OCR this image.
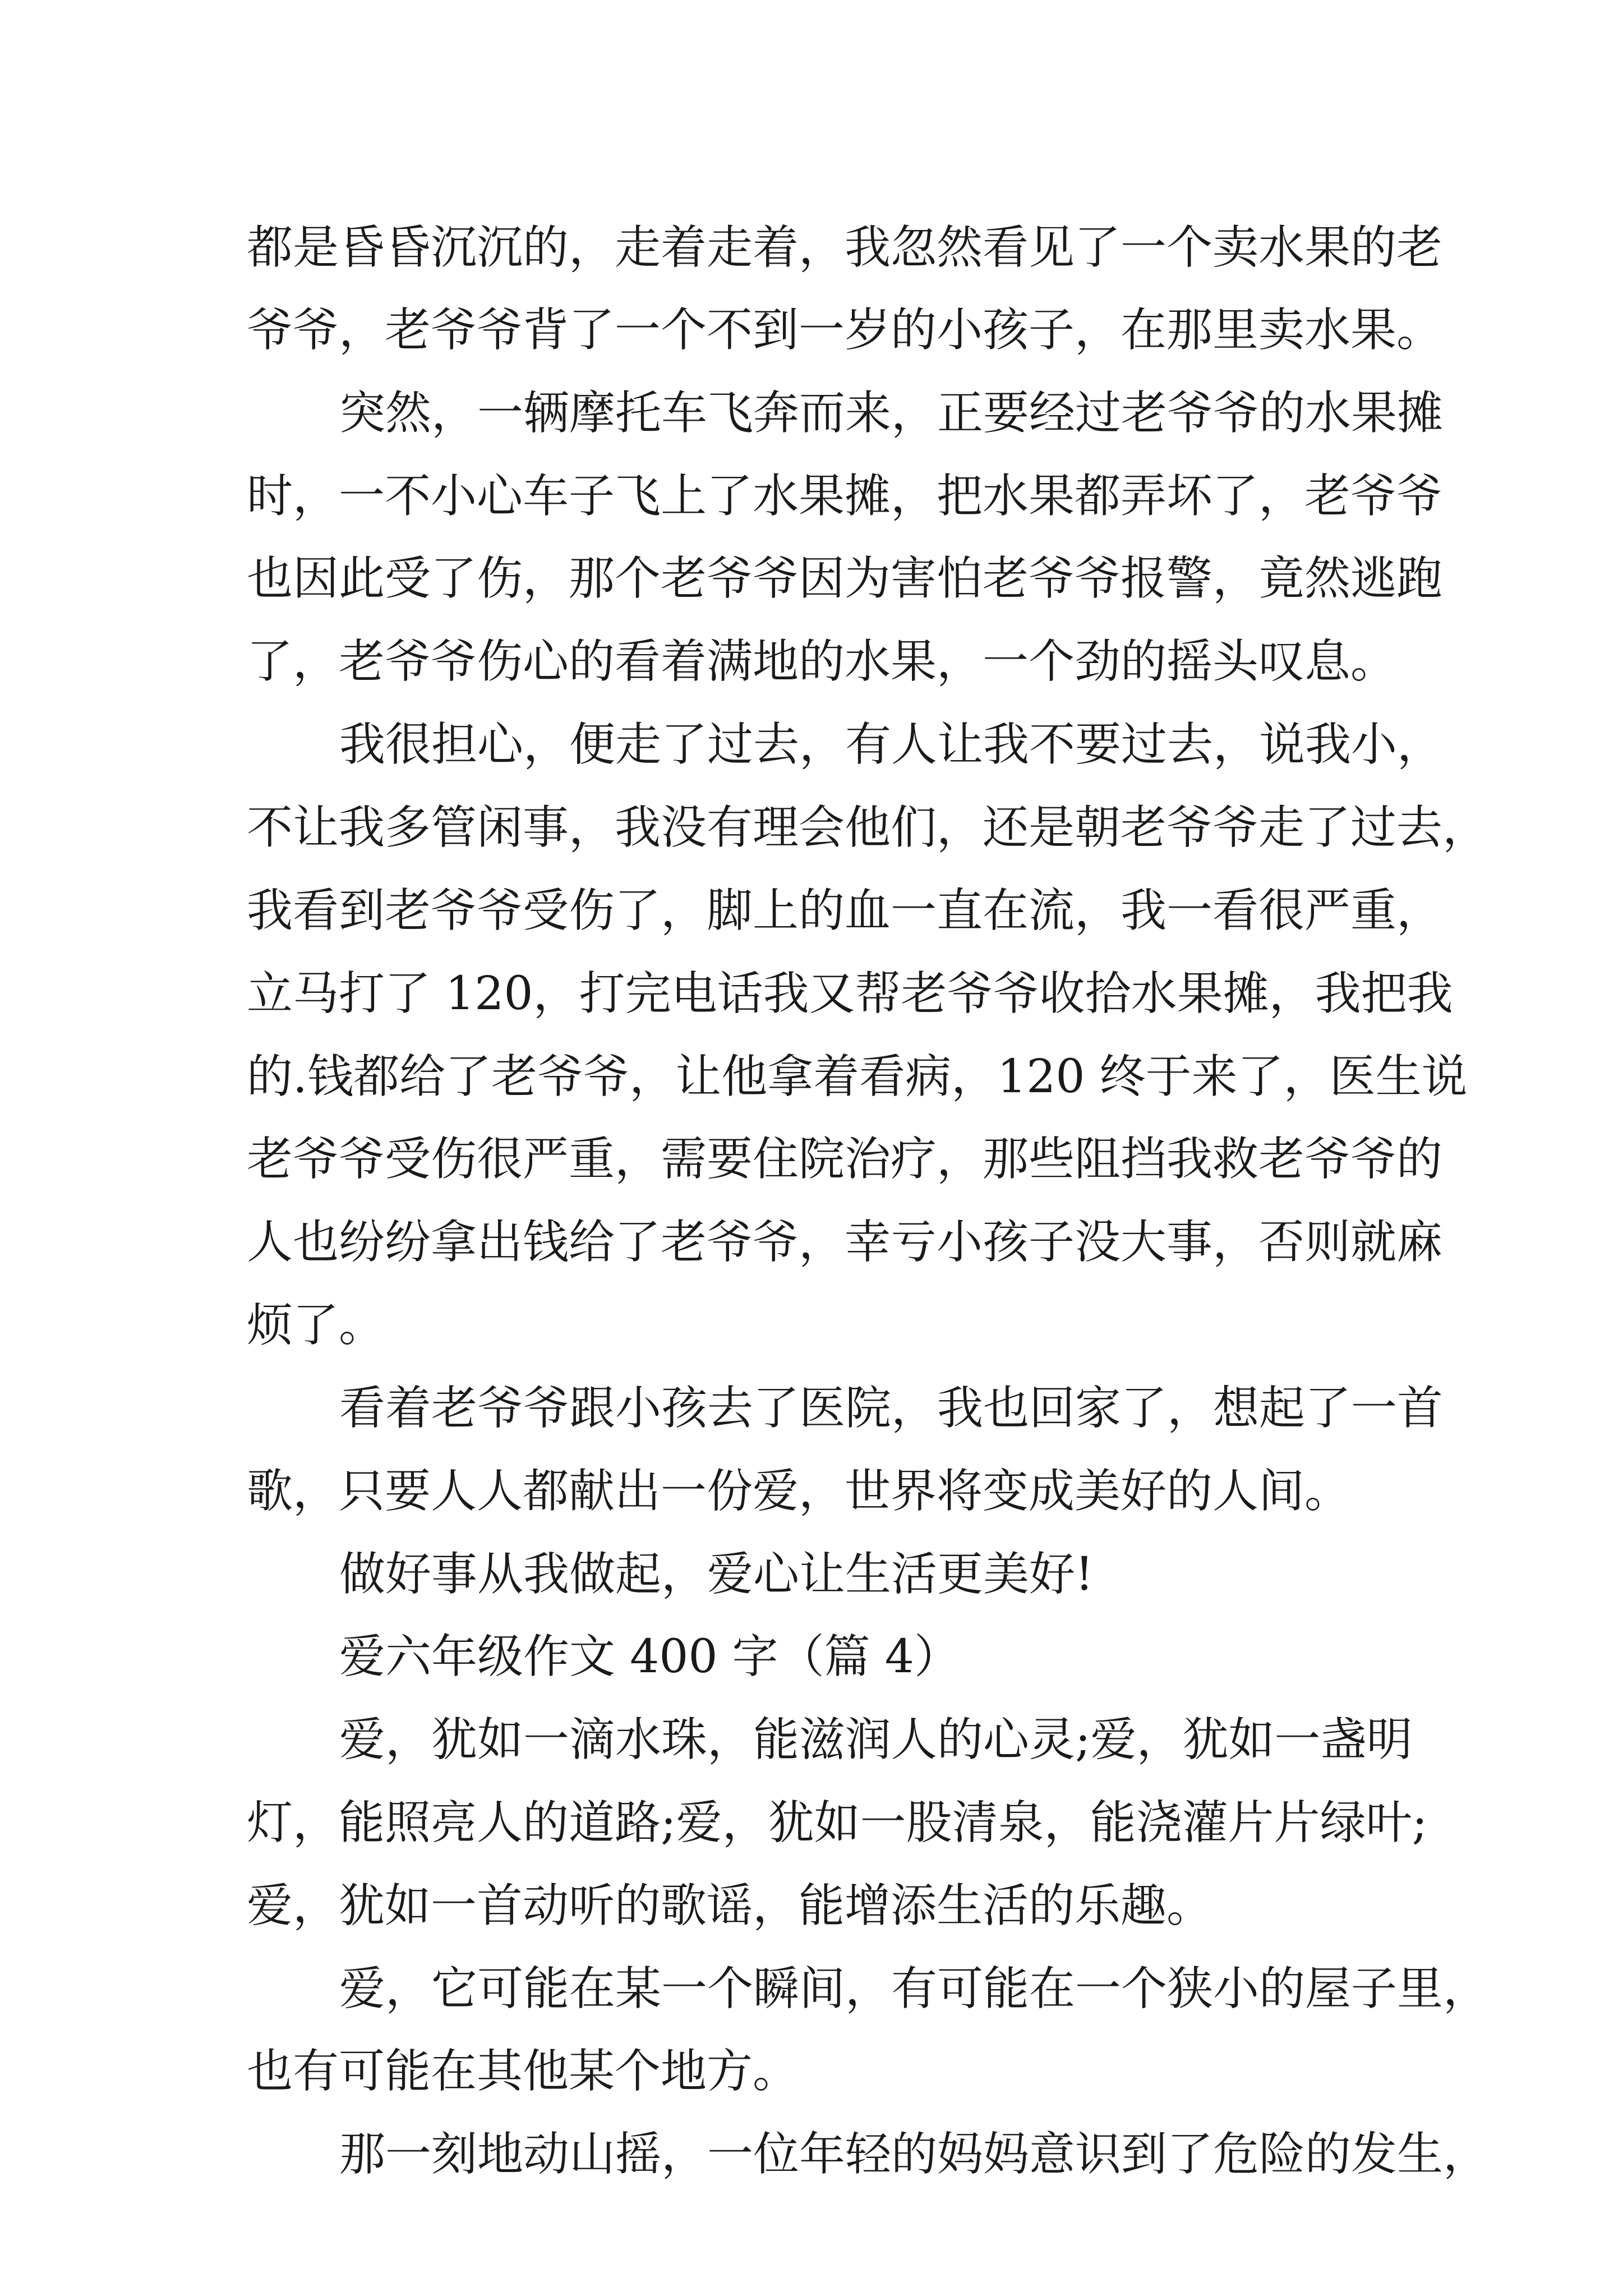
都是昏昏沉沉的，走着走着，我忽然看见了一个卖水果的老
爷爷，老爷爷背了一个不到一岁的小孩子，在那里卖水果。
突然，一辆摩托车飞奔而来，正要经过老爷爷的水果摊
时，一不小心车子飞上了水果摊，把水果都弄坏了，老爷爷
也因此受了伤，那个老爷爷因为害怕老爷爷报警，竟然逃跑
了，老爷爷伤心的看着满地的水果，一个劲的摇头叹息。
我很担心，便走了过去，有人让我不要过去，说我小，
不让我多管闲事，我没有理会他们，还是朝老爷爷走了过去，
我看到老爷爷受伤了，脚上的血一直在流，我一看很严重，
立马打了 120，打完电话我又帮老爷爷收拾水果摊，我把我
的.钱都给了老爷爷，让他拿着看病，120 终于来了，医生说
老爷爷受伤很严重，需要住院治疗，那些阻挡我救老爷爷的
人也纷纷拿出钱给了老爷爷，幸亏小孩子没大事，否则就麻
烦了。
看着老爷爷跟小孩去了医院，我也回家了，想起了一首
歌，只要人人都献出一份爱，世界将变成美好的人间。
做好事从我做起，爱心让生活更美好!
爱六年级作文 400 字（篇 4）
爱，犹如一滴水珠，能滋润人的心灵;爱，犹如一盏明
灯，能照亮人的道路;爱，犹如一股清泉，能浇灌片片绿叶;
爱，犹如一首动听的歌谣，能增添生活的乐趣。
爱，它可能在某一个瞬间，有可能在一个狭小的屋子里，
也有可能在其他某个地方。
那一刻地动山摇，一位年轻的妈妈意识到了危险的发生，
